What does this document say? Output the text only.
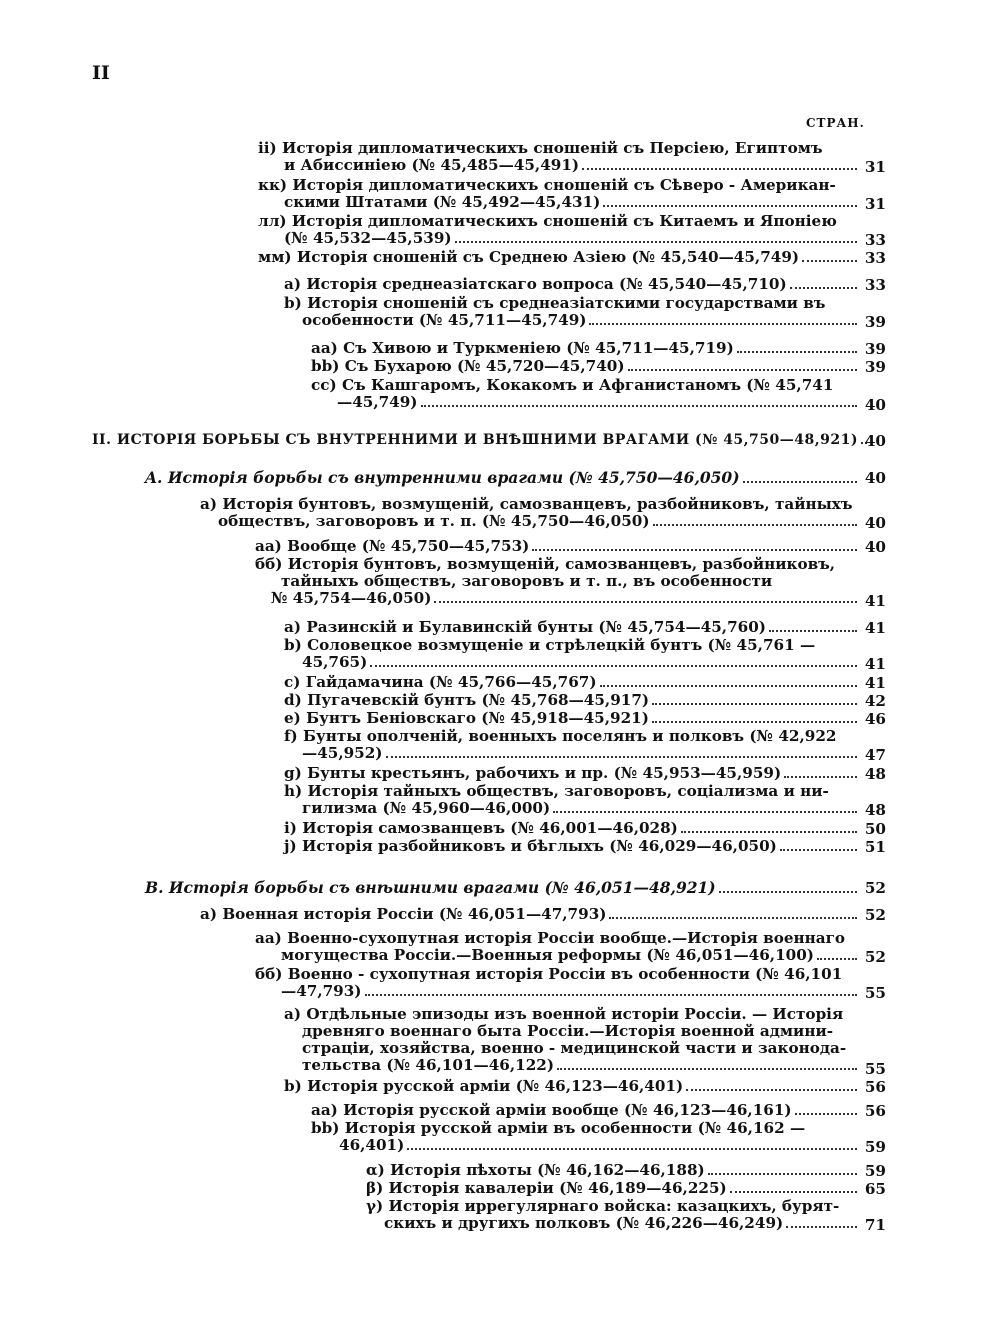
II
СТРАН.
ii) Исторія дипломатическихъ сношеній съ Персіею, Египтомъ
и Абиссиніею (№ 45,485—45,491)	31
кк) Исторія дипломатическихъ сношеній съ Сѣверо - Американ-
скими Штатами (№ 45,492—45,431)	31
лл) Исторія дипломатическихъ сношеній съ Китаемъ и Японіею
(№ 45,532—45,539)	33
мм) Исторія сношеній съ Среднею Азіею (№ 45,540—45,749)	33
a) Исторія среднеазіатскаго вопроса (№ 45,540—45,710)	33
b) Исторія сношеній съ среднеазіатскими государствами въ
особенности (№ 45,711—45,749)	39
aa) Съ Хивою и Туркменіею (№ 45,711—45,719)	39
bb) Съ Бухарою (№ 45,720—45,740)	39
cc) Съ Кашгаромъ, Кокакомъ и Афганистаномъ (№ 45,741
—45,749)	40
II. ИСТОРІЯ БОРЬБЫ СЪ ВНУТРЕННИМИ И ВНѢШНИМИ ВРАГАМИ (№ 45,750—48,921) 40
A. Исторія борьбы съ внутренними врагами (№ 45,750—46,050)	40
a) Исторія бунтовъ, возмущеній, самозванцевъ, разбойниковъ, тайныхъ
обществъ, заговоровъ и т. п. (№ 45,750—46,050)	40
аа) Вообще (№ 45,750—45,753)	40
бб) Исторія бунтовъ, возмущеній, самозванцевъ, разбойниковъ,
тайныхъ обществъ, заговоровъ и т. п., въ особенности
№ 45,754—46,050)	41
a) Разинскій и Булавинскій бунты (№ 45,754—45,760)	41
b) Соловецкое возмущеніе и стрѣлецкій бунтъ (№ 45,761 —
45,765)	41
c) Гайдамачина (№ 45,766—45,767)	41
d) Пугачевскій бунтъ (№ 45,768—45,917)	42
e) Бунтъ Беніовскаго (№ 45,918—45,921)	46
f) Бунты ополченій, военныхъ поселянъ и полковъ (№ 42,922
—45,952)	47
g) Бунты крестьянъ, рабочихъ и пр. (№ 45,953—45,959)	48
h) Исторія тайныхъ обществъ, заговоровъ, соціализма и ни-
гилизма (№ 45,960—46,000)	48
i) Исторія самозванцевъ (№ 46,001—46,028)	50
j) Исторія разбойниковъ и бѣглыхъ (№ 46,029—46,050)	51
B. Исторія борьбы съ внѣшними врагами (№ 46,051—48,921)	52
a) Военная исторія Россіи (№ 46,051—47,793)	52
аа) Военно-сухопутная исторія Россіи вообще.—Исторія военнаго
могущества Россіи.—Военныя реформы (№ 46,051—46,100)	52
бб) Военно - сухопутная исторія Россіи въ особенности (№ 46,101
—47,793)	55
a) Отдѣльные эпизоды изъ военной исторіи Россіи. — Исторія
древняго военнаго быта Россіи.—Исторія военной админи-
страціи, хозяйства, военно - медицинской части и законода-
тельства (№ 46,101—46,122)	55
b) Исторія русской арміи (№ 46,123—46,401)	56
aa) Исторія русской арміи вообще (№ 46,123—46,161)	56
bb) Исторія русской арміи въ особенности (№ 46,162 —
46,401)	59
α) Исторія пѣхоты (№ 46,162—46,188)	59
β) Исторія кавалеріи (№ 46,189—46,225)	65
γ) Исторія иррегулярнаго войска: казацкихъ, бурят-
скихъ и другихъ полковъ (№ 46,226—46,249)	71
